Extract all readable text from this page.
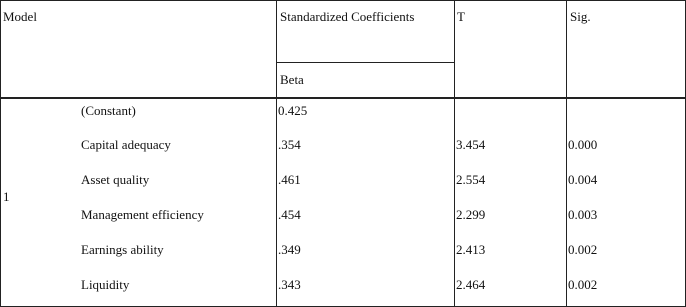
Model	Standardized Coefficients	T	Sig.
Beta
1
(Constant)	0.425
Capital adequacy	.354	3.454	0.000
Asset quality	.461	2.554	0.004
Management efficiency	.454	2.299	0.003
Earnings ability	.349	2.413	0.002
Liquidity	.343	2.464	0.002
